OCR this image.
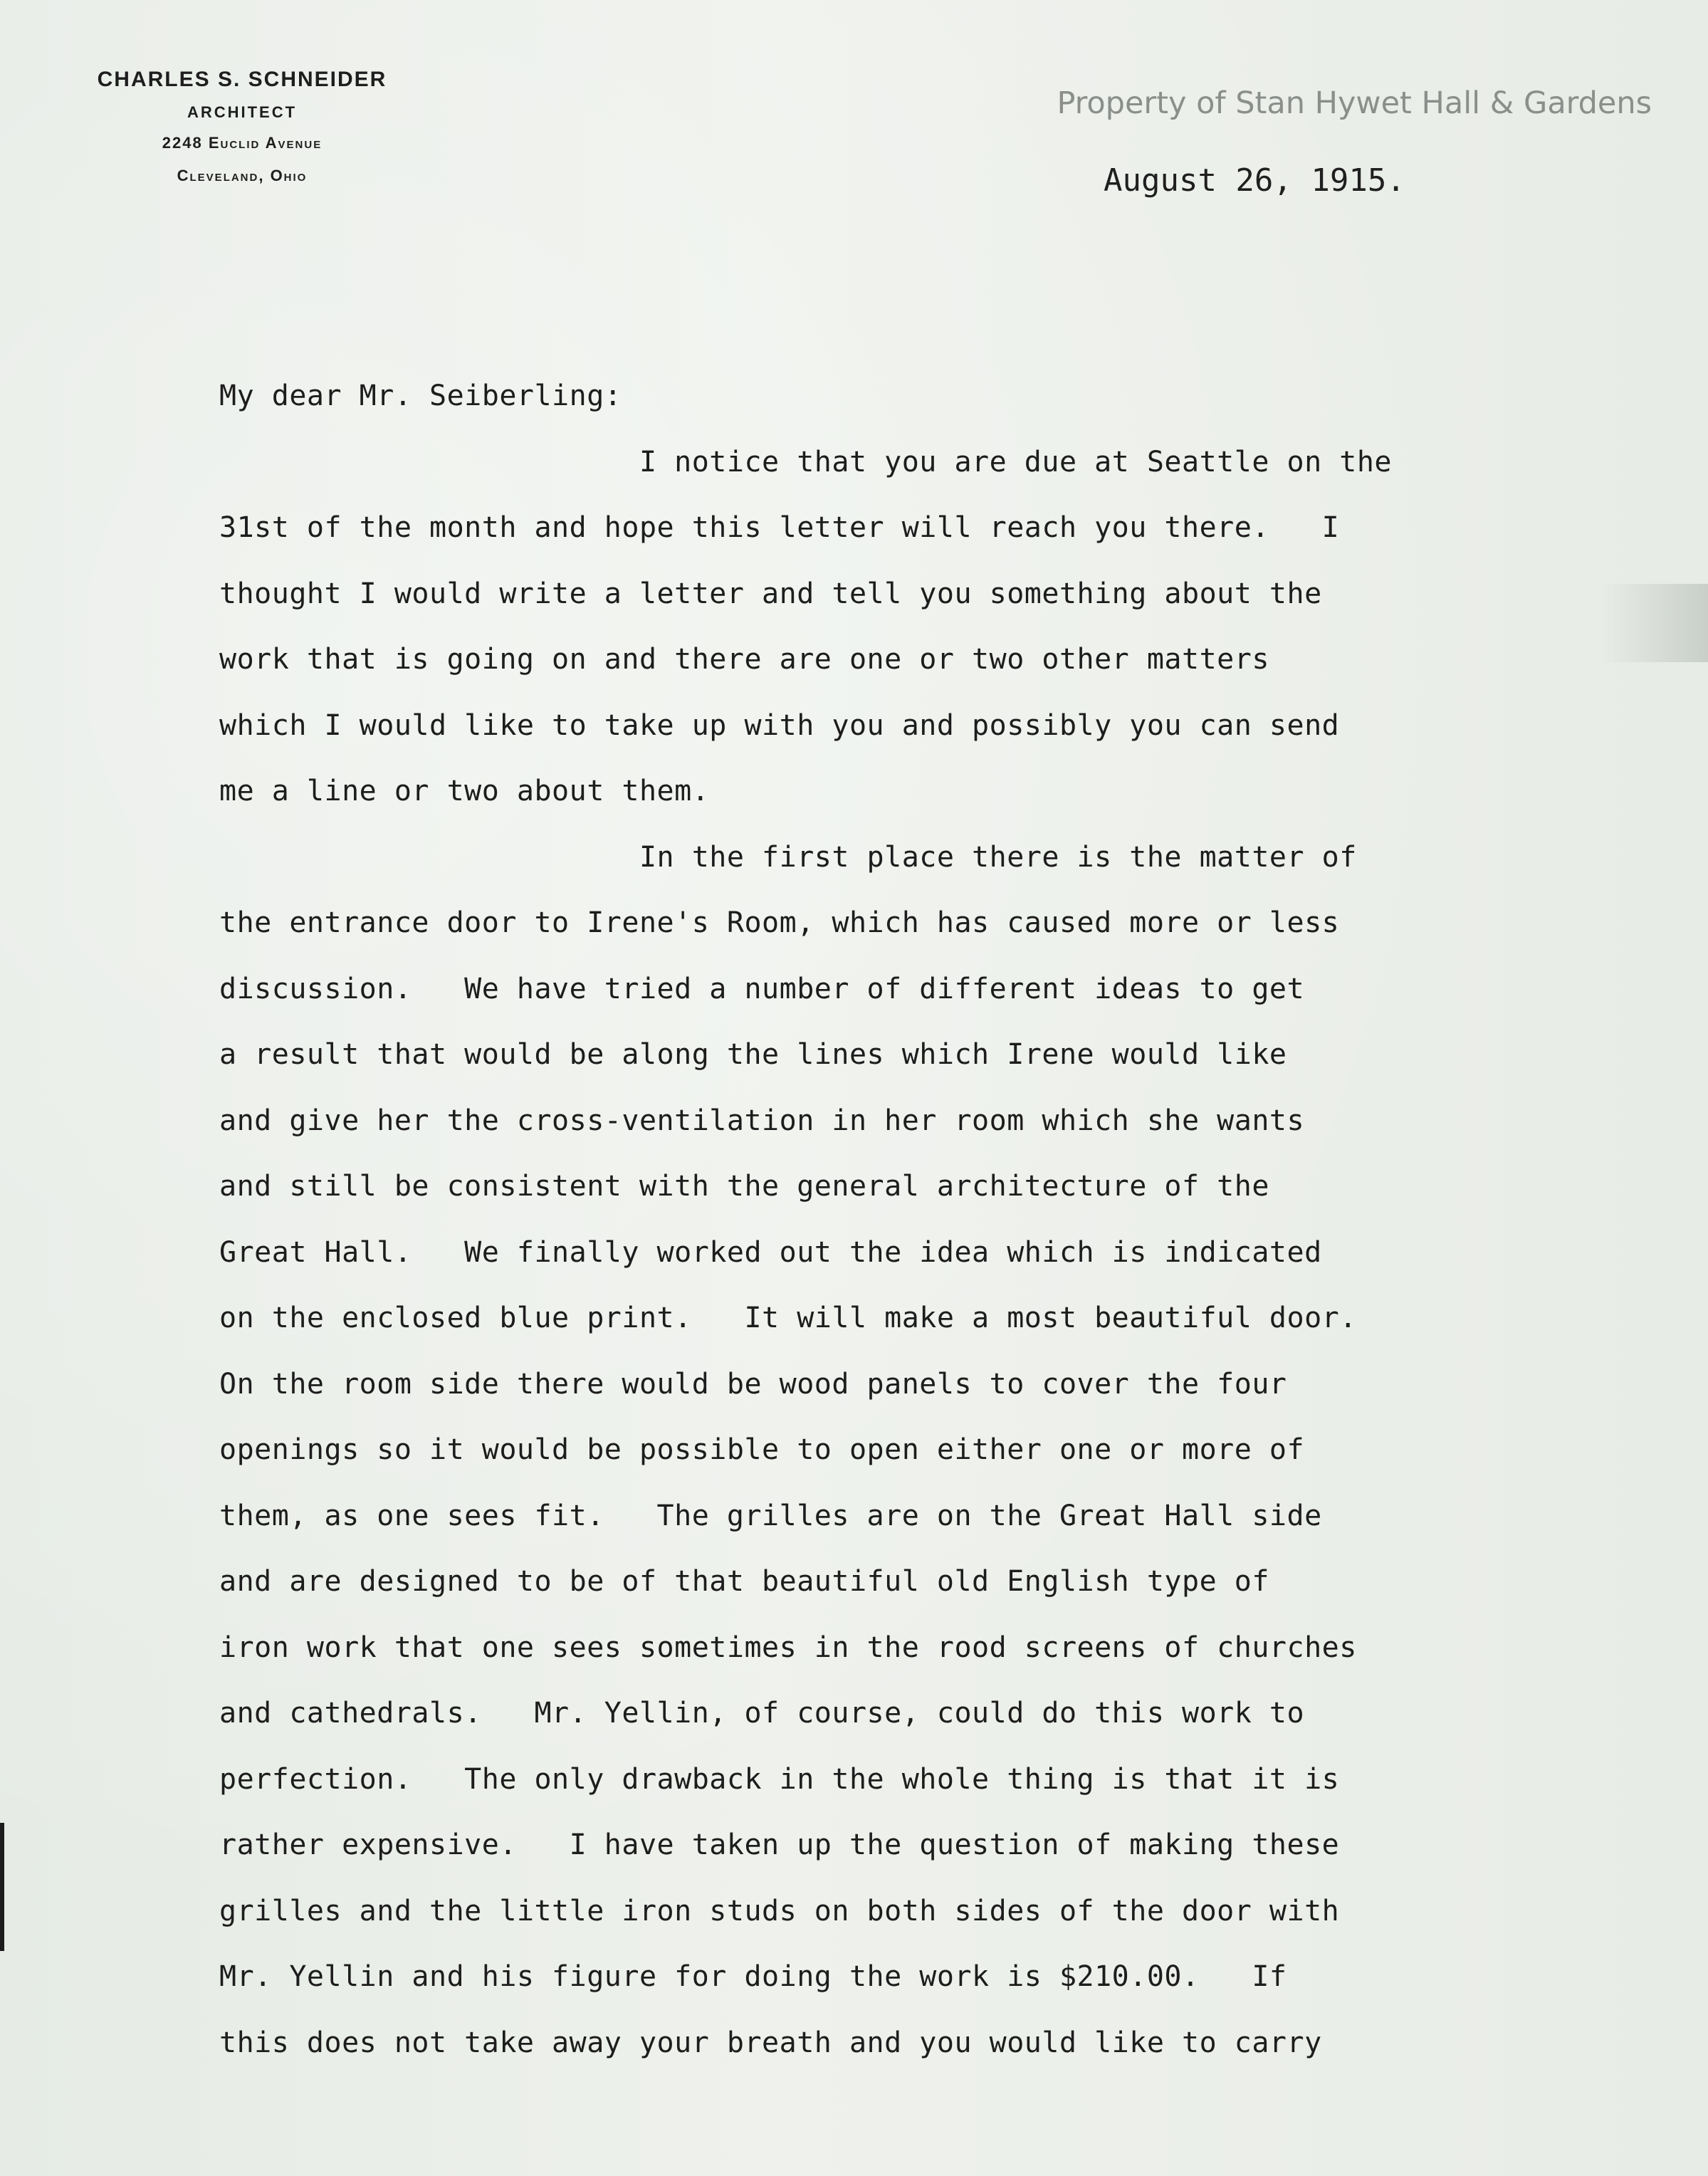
CHARLES S. SCHNEIDER
ARCHITECT
2248 Euclid Avenue
Cleveland, Ohio
Property of Stan Hywet Hall & Gardens
August 26, 1915.
My dear Mr. Seiberling:
I notice that you are due at Seattle on the
31st of the month and hope this letter will reach you there.   I
thought I would write a letter and tell you something about the
work that is going on and there are one or two other matters
which I would like to take up with you and possibly you can send
me a line or two about them.
In the first place there is the matter of
the entrance door to Irene's Room, which has caused more or less
discussion.   We have tried a number of different ideas to get
a result that would be along the lines which Irene would like
and give her the cross-ventilation in her room which she wants
and still be consistent with the general architecture of the
Great Hall.   We finally worked out the idea which is indicated
on the enclosed blue print.   It will make a most beautiful door.
On the room side there would be wood panels to cover the four
openings so it would be possible to open either one or more of
them, as one sees fit.   The grilles are on the Great Hall side
and are designed to be of that beautiful old English type of
iron work that one sees sometimes in the rood screens of churches
and cathedrals.   Mr. Yellin, of course, could do this work to
perfection.   The only drawback in the whole thing is that it is
rather expensive.   I have taken up the question of making these
grilles and the little iron studs on both sides of the door with
Mr. Yellin and his figure for doing the work is $210.00.   If
this does not take away your breath and you would like to carry
